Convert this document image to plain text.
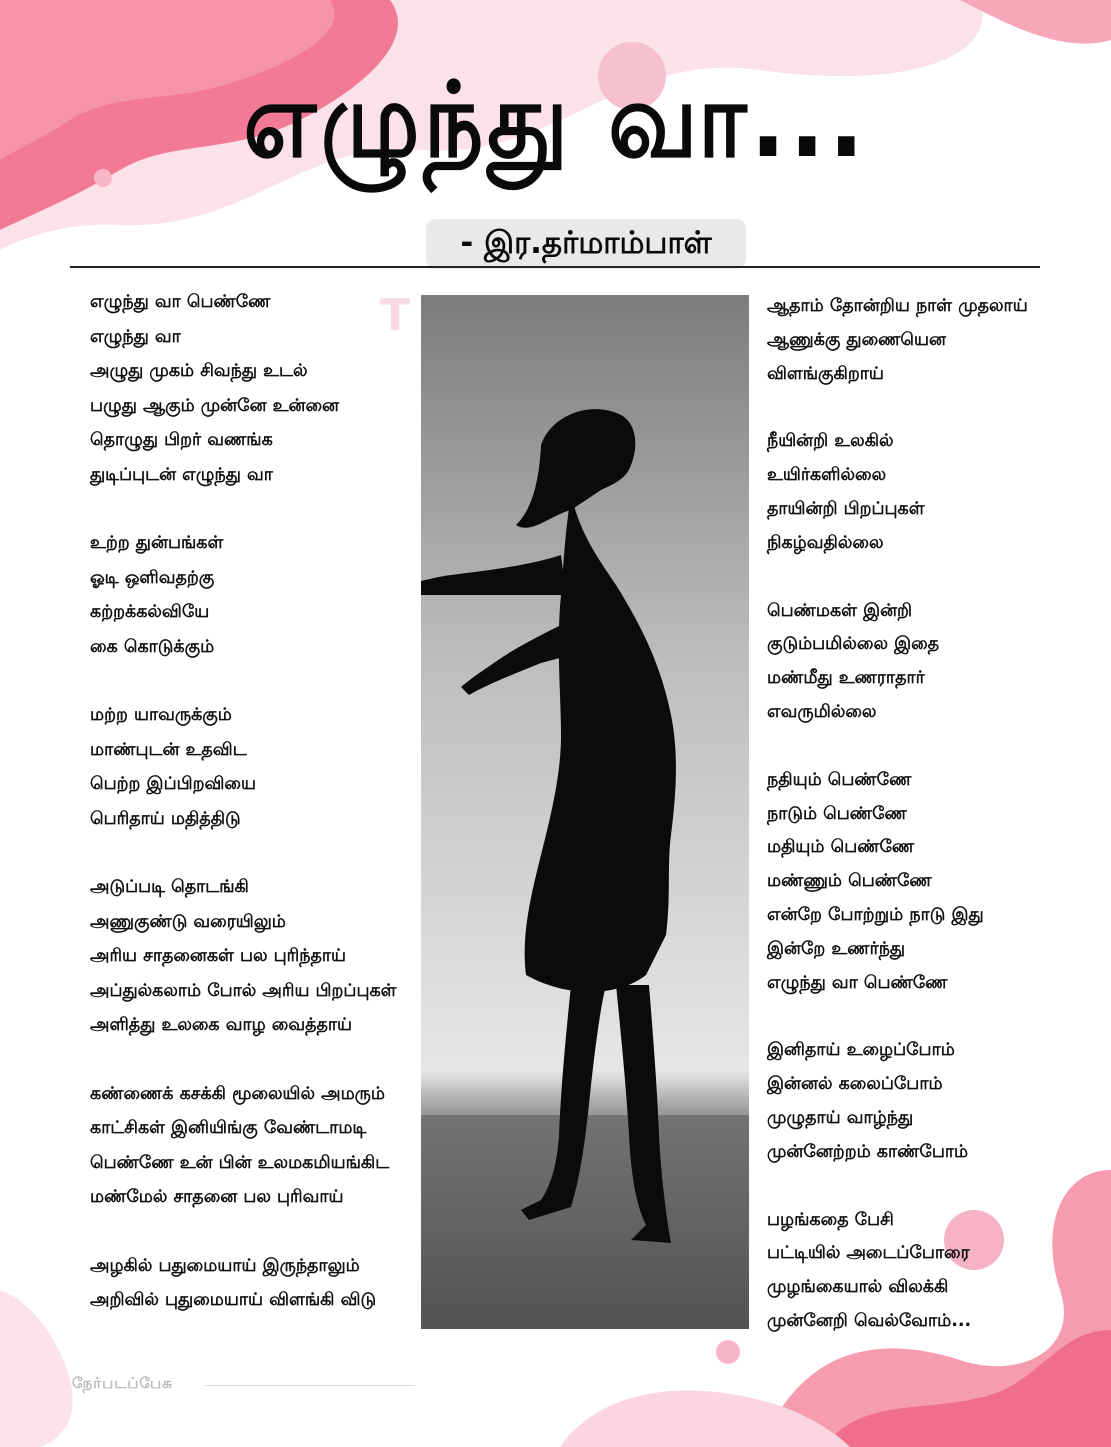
T
எழுந்து வா...
- இர.தர்மாம்பாள்
எழுந்து வா பெண்ணே
எழுந்து வா
அழுது முகம் சிவந்து உடல்
பழுது ஆகும் முன்னே உன்னை
தொழுது பிறர் வணங்க
துடிப்புடன் எழுந்து வா
உற்ற துன்பங்கள்
ஓடி ஒளிவதற்கு
கற்றக்கல்வியே
கை கொடுக்கும்
மற்ற யாவருக்கும்
மாண்புடன் உதவிட
பெற்ற இப்பிறவியை
பெரிதாய் மதித்திடு
அடுப்படி தொடங்கி
அணுகுண்டு வரையிலும்
அரிய சாதனைகள் பல புரிந்தாய்
அப்துல்கலாம் போல் அரிய பிறப்புகள்
அளித்து உலகை வாழ வைத்தாய்
கண்ணைக் கசக்கி மூலையில் அமரும்
காட்சிகள் இனியிங்கு வேண்டாமடி
பெண்ணே உன் பின் உலமகமியங்கிட
மண்மேல் சாதனை பல புரிவாய்
அழகில் பதுமையாய் இருந்தாலும்
அறிவில் புதுமையாய் விளங்கி விடு
ஆதாம் தோன்றிய நாள் முதலாய்
ஆணுக்கு துணையென
விளங்குகிறாய்
நீயின்றி உலகில்
உயிர்களில்லை
தாயின்றி பிறப்புகள்
நிகழ்வதில்லை
பெண்மகள் இன்றி
குடும்பமில்லை இதை
மண்மீது உணராதார்
எவருமில்லை
நதியும் பெண்ணே
நாடும் பெண்ணே
மதியும் பெண்ணே
மண்ணும் பெண்ணே
என்றே போற்றும் நாடு இது
இன்றே உணர்ந்து
எழுந்து வா பெண்ணே
இனிதாய் உழைப்போம்
இன்னல் கலைப்போம்
முழுதாய் வாழ்ந்து
முன்னேற்றம் காண்போம்
பழங்கதை பேசி
பட்டியில் அடைப்போரை
முழங்கையால் விலக்கி
முன்னேறி வெல்வோம்...
நேர்படப்பேசு
